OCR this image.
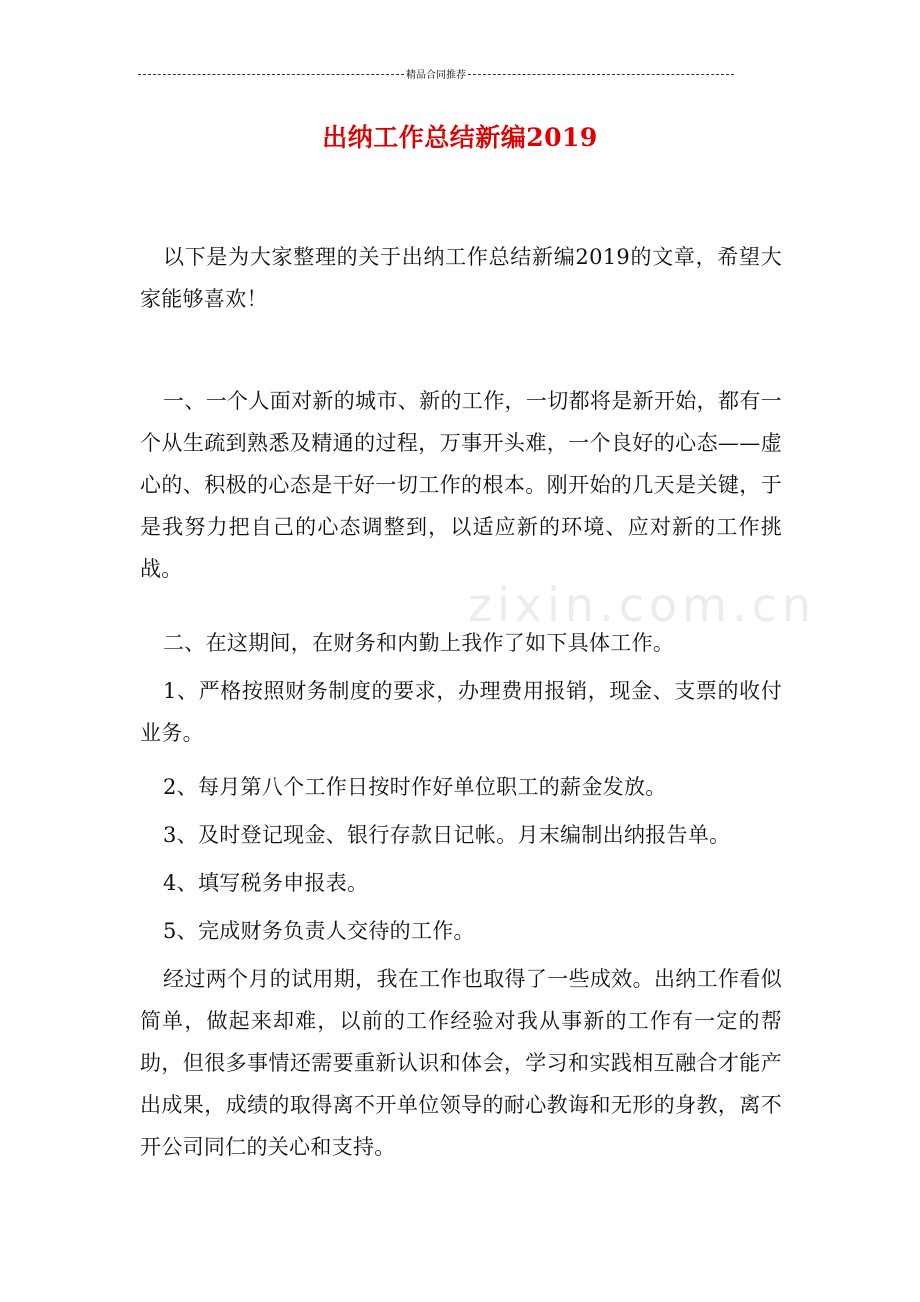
精品合同推荐
出纳工作总结新编2019
zixin.com.cn

以下是为大家整理的关于出纳工作总结新编2019的文章，希望大家能够喜欢！

一、一个人面对新的城市、新的工作，一切都将是新开始，都有一个从生疏到熟悉及精通的过程，万事开头难，一个良好的心态——虚心的、积极的心态是干好一切工作的根本。刚开始的几天是关键，于是我努力把自己的心态调整到，以适应新的环境、应对新的工作挑战。

二、在这期间，在财务和内勤上我作了如下具体工作。

1、严格按照财务制度的要求，办理费用报销，现金、支票的收付业务。

2、每月第八个工作日按时作好单位职工的薪金发放。

3、及时登记现金、银行存款日记帐。月末编制出纳报告单。

4、填写税务申报表。

5、完成财务负责人交待的工作。

经过两个月的试用期，我在工作也取得了一些成效。出纳工作看似简单，做起来却难，以前的工作经验对我从事新的工作有一定的帮助，但很多事情还需要重新认识和体会，学习和实践相互融合才能产出成果，成绩的取得离不开单位领导的耐心教诲和无形的身教，离不开公司同仁的关心和支持。
